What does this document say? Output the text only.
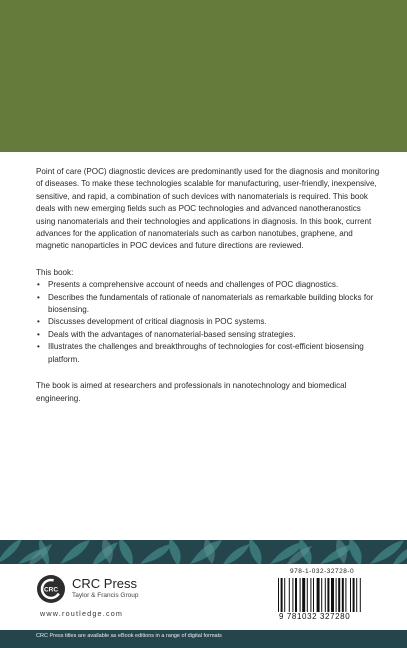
Point of care (POC) diagnostic devices are predominantly used for the diagnosis and monitoring of diseases. To make these technologies scalable for manufacturing, user-friendly, inexpensive, sensitive, and rapid, a combination of such devices with nanomaterials is required. This book deals with new emerging fields such as POC technologies and advanced nanotheranostics using nanomaterials and their technologies and applications in diagnosis. In this book, current advances for the application of nanomaterials such as carbon nanotubes, graphene, and magnetic nanoparticles in POC devices and future directions are reviewed.

This book:

• Presents a comprehensive account of needs and challenges of POC diagnostics.
• Describes the fundamentals of rationale of nanomaterials as remarkable building blocks for biosensing.
• Discusses development of critical diagnosis in POC systems.
• Deals with the advantages of nanomaterial-based sensing strategies.
• Illustrates the challenges and breakthroughs of technologies for cost-efficient biosensing platform.

The book is aimed at researchers and professionals in nanotechnology and biomedical engineering.

CRC CRC Press
Taylor & Francis Group
www.routledge.com
978-1-032-32728-0
9 781032 327280
CRC Press titles are available as eBook editions in a range of digital formats
